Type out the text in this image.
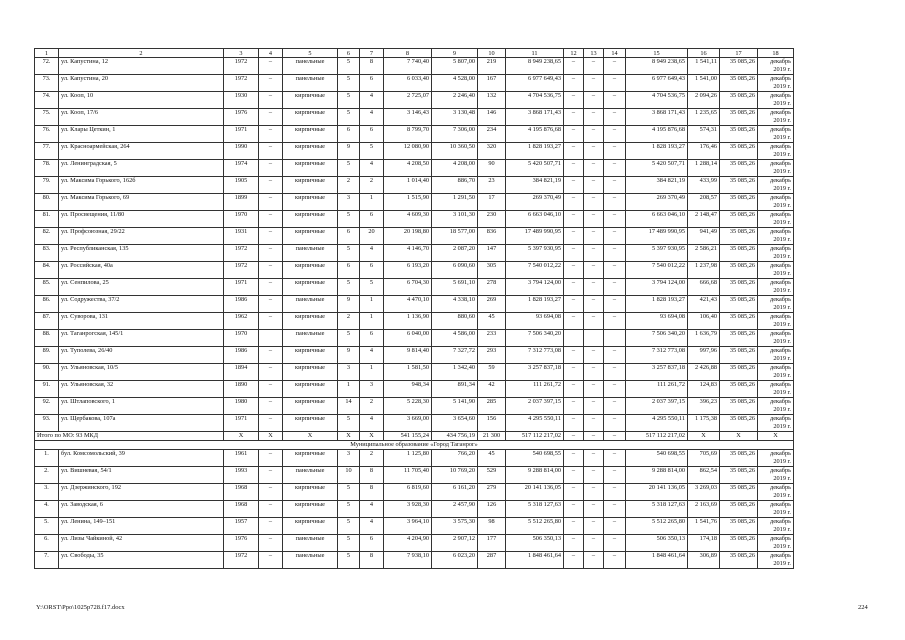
1	2	3	4	5	6	7	8	9	10	11	12	13	14	15	16	17	18
72.	ул. Капустина, 12	1972	–	панельные	5	8	7 740,40	5 807,00	219	8 949 238,65	–	–	–	8 949 238,65	1 541,11	35 085,26	декабрь
2019 г.

73.	ул. Капустина, 20	1972	–	панельные	5	6	6 033,40	4 528,00	167	6 977 649,43	–	–	–	6 977 649,43	1 541,00	35 085,26	декабрь
2019 г.

74.	ул. Кооп, 10	1930	–	кирпичные	5	4	2 725,07	2 246,40	132	4 704 536,75	–	–	–	4 704 536,75	2 094,26	35 085,26	декабрь
2019 г.

75.	ул. Кооп, 17/6	1976	–	кирпичные	5	4	3 146,43	3 130,48	146	3 868 171,43	–	–	–	3 868 171,43	1 235,65	35 085,26	декабрь
2019 г.

76.	ул. Клары Цеткин, 1	1971	–	кирпичные	6	6	8 799,70	7 306,00	234	4 195 876,68	–	–	–	4 195 876,68	574,31	35 085,26	декабрь
2019 г.

77.	ул. Красноармейская, 264	1990	–	кирпичные	9	5	12 080,90	10 360,50	320	1 828 193,27	–	–	–	1 828 193,27	176,46	35 085,26	декабрь
2019 г.

78.	ул. Ленинградская, 5	1974	–	кирпичные	5	4	4 208,50	4 208,00	90	5 420 507,71	–	–	–	5 420 507,71	1 288,14	35 085,26	декабрь
2019 г.

79.	ул. Максима Горького, 162б	1905	–	кирпичные	2	2	1 014,40	886,70	23	384 821,19	–	–	–	384 821,19	433,99	35 085,26	декабрь
2019 г.

80.	ул. Максима Горького, 69	1899	–	кирпичные	3	1	1 515,90	1 291,50	17	269 370,49	–	–	–	269 370,49	208,57	35 085,26	декабрь
2019 г.

81.	ул. Просвещения, 11/80	1970	–	кирпичные	5	6	4 609,30	3 101,30	230	6 663 046,10	–	–	–	6 663 046,10	2 148,47	35 085,26	декабрь
2019 г.

82.	ул. Профсоюзная, 29/22	1931	–	кирпичные	6	20	20 198,80	18 577,00	836	17 489 990,95	–	–	–	17 489 990,95	941,49	35 085,26	декабрь
2019 г.

83.	ул. Республиканская, 135	1972	–	панельные	5	4	4 146,70	2 087,20	147	5 397 930,95	–	–	–	5 397 930,95	2 586,21	35 085,26	декабрь
2019 г.

84.	ул. Российская, 40а	1972	–	кирпичные	6	6	6 193,20	6 090,60	305	7 540 012,22	–	–	–	7 540 012,22	1 237,98	35 085,26	декабрь
2019 г.

85.	ул. Сенпилова, 25	1971	–	кирпичные	5	5	6 704,30	5 691,10	278	3 794 124,00	–	–	–	3 794 124,00	666,68	35 085,26	декабрь
2019 г.

86.	ул. Содружества, 37/2	1986	–	панельные	9	1	4 470,10	4 338,10	269	1 828 193,27	–	–	–	1 828 193,27	421,43	35 085,26	декабрь
2019 г.

87.	ул. Суворова, 131	1962	–	кирпичные	2	1	1 136,90	880,60	45	93 694,08	–	–	–	93 694,08	106,40	35 085,26	декабрь
2019 г.

88.	ул. Таганрогская, 145/1	1970		панельные	5	6	6 040,00	4 586,00	233	7 506 340,20				7 506 340,20	1 636,79	35 085,26	декабрь
2019 г.

89.	ул. Туполева, 26/40	1986	–	кирпичные	9	4	9 814,40	7 327,72	293	7 312 773,08	–	–	–	7 312 773,08	997,96	35 085,26	декабрь
2019 г.

90.	ул. Ульяновская, 10/5	1894	–	кирпичные	3	1	1 581,50	1 342,40	59	3 257 837,18	–	–	–	3 257 837,18	2 426,88	35 085,26	декабрь
2019 г.

91.	ул. Ульяновская, 32	1890	–	кирпичные	1	3	948,34	891,34	42	111 261,72	–	–	–	111 261,72	124,83	35 085,26	декабрь
2019 г.

92.	ул. Штлаповского, 1	1980	–	кирпичные	14	2	5 228,30	5 141,90	285	2 037 397,15	–	–	–	2 037 397,15	396,23	35 085,26	декабрь
2019 г.

93.	ул. Щербакова, 107а	1971	–	кирпичные	5	4	3 669,00	3 654,60	156	4 295 550,11	–	–	–	4 295 550,11	1 175,38	35 085,26	декабрь
2019 г.

Итого по МО: 93 МКД		X	X	X	X	X	541 155,24	434 756,19	21 300	517 112 217,02	–	–	–	517 112 217,02	X	X	X
Муниципальное образование «Город Таганрог»																	
1.	бул. Комсомольский, 39	1961	–	кирпичные	3	2	1 125,80	766,20	45	540 698,55	–	–	–	540 698,55	705,69	35 085,26	декабрь
2019 г.

2.	ул. Вишневая, 54/1	1993	–	панельные	10	8	11 705,40	10 769,20	529	9 288 814,00	–	–	–	9 288 814,00	862,54	35 085,26	декабрь
2019 г.

3.	ул. Дзержинского, 192	1968	–	кирпичные	5	8	6 819,60	6 161,20	279	20 141 136,05	–	–	–	20 141 136,05	3 269,03	35 085,26	декабрь
2019 г.

4.	ул. Заводская, 6	1968	–	кирпичные	5	4	3 928,30	2 457,90	126	5 318 127,63	–	–	–	5 318 127,63	2 163,69	35 085,26	декабрь
2019 г.

5.	ул. Ленина, 149–151	1957	–	кирпичные	5	4	3 964,10	3 575,30	98	5 512 265,80	–	–	–	5 512 265,80	1 541,76	35 085,26	декабрь
2019 г.

6.	ул. Лизы Чайкиной, 42	1976	–	панельные	5	6	4 204,90	2 907,12	177	506 350,13	–	–	–	506 350,13	174,18	35 085,26	декабрь
2019 г.

7.	ул. Свободы, 35	1972	–	панельные	5	8	7 938,10	6 023,20	287	1 848 461,64	–	–	–	1 848 461,64	306,89	35 085,26	декабрь
2019 г.
Y:\ORST\Ppo\1025p728.f17.docx	224
